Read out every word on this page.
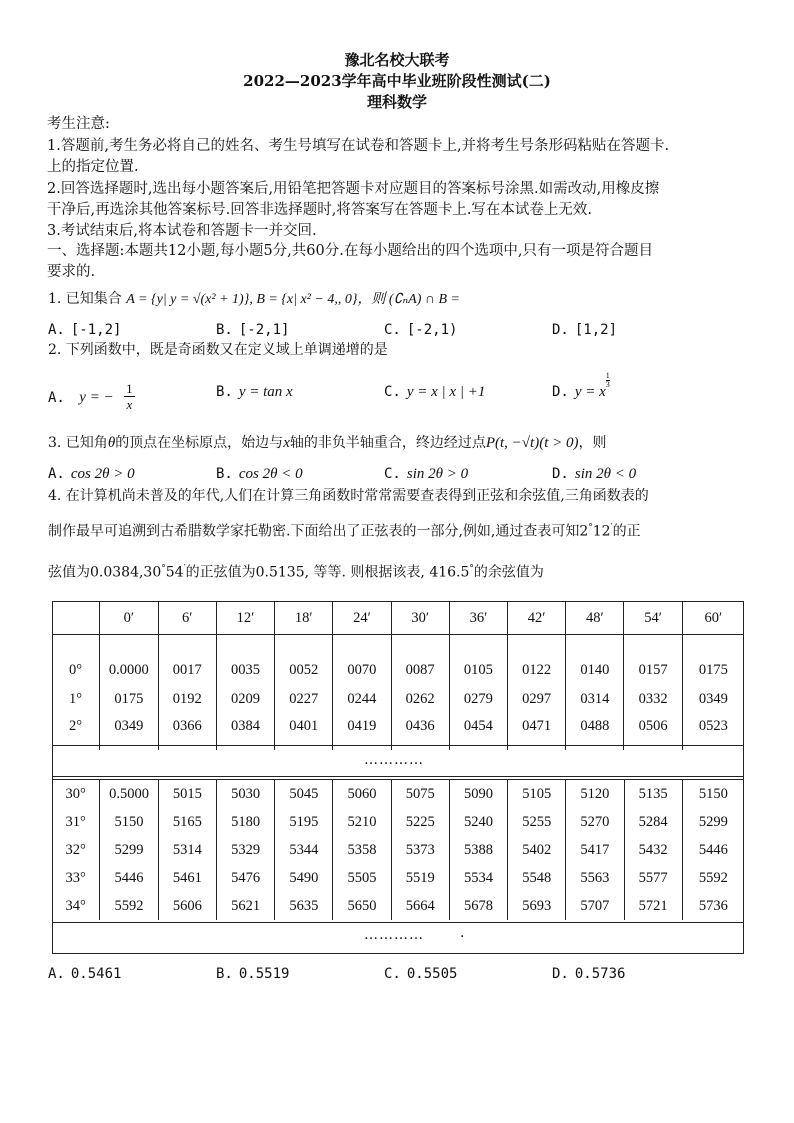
豫北名校大联考
2022—2023学年高中毕业班阶段性测试(二)
理科数学
考生注意:
1.答题前,考生务必将自己的姓名、考生号填写在试卷和答题卡上,并将考生号条形码粘贴在答题卡.
上的指定位置.
2.回答选择题时,选出每小题答案后,用铅笔把答题卡对应题目的答案标号涂黑.如需改动,用橡皮擦
干净后,再选涂其他答案标号.回答非选择题时,将答案写在答题卡上.写在本试卷上无效.
3.考试结束后,将本试卷和答题卡一并交回.
一、选择题:本题共12小题,每小题5分,共60分.在每小题给出的四个选项中,只有一项是符合题目
要求的.
1. 已知集合 A = {y| y = √(x² + 1)}, B = {x| x² − 4,, 0}，则 (∁ₙA) ∩ B =
A. [-1,2]	B. [-2,1]	C. [-2,1)	D. [1,2]
2. 下列函数中，既是奇函数又在定义域上单调递增的是
A. y = − $\frac{1}{x}$	B. y = tan x	C. y = x | x | +1	D. y = x
$\frac{1}{3}$
3. 已知角θ的顶点在坐标原点，始边与x轴的非负半轴重合，终边经过点P(t, −√t)(t > 0)，则
A. cos 2θ > 0	B. cos 2θ < 0	C. sin 2θ > 0	D. sin 2θ < 0
4. 在计算机尚未普及的年代,人们在计算三角函数时常常需要查表得到正弦和余弦值,三角函数表的
制作最早可追溯到古希腊数学家托勒密.下面给出了正弦表的一部分,例如,通过查表可知2°12′的正
弦值为0.0384,30°54′的正弦值为0.5135, 等等. 则根据该表, 416.5°的余弦值为
	0′	6′	12′	18′	24′	30′	36′	42′	48′	54′	60′
0°	0.0000	0017	0035	0052	0070	0087	0105	0122	0140	0157	0175
1°	0175	0192	0209	0227	0244	0262	0279	0297	0314	0332	0349
2°	0349	0366	0384	0401	0419	0436	0454	0471	0488	0506	0523
…………
30°	0.5000	5015	5030	5045	5060	5075	5090	5105	5120	5135	5150
31°	5150	5165	5180	5195	5210	5225	5240	5255	5270	5284	5299
32°	5299	5314	5329	5344	5358	5373	5388	5402	5417	5432	5446
33°	5446	5461	5476	5490	5505	5519	5534	5548	5563	5577	5592
34°	5592	5606	5621	5635	5650	5664	5678	5693	5707	5721	5736
…………	.
A. 0.5461	B. 0.5519	C. 0.5505	D. 0.5736
